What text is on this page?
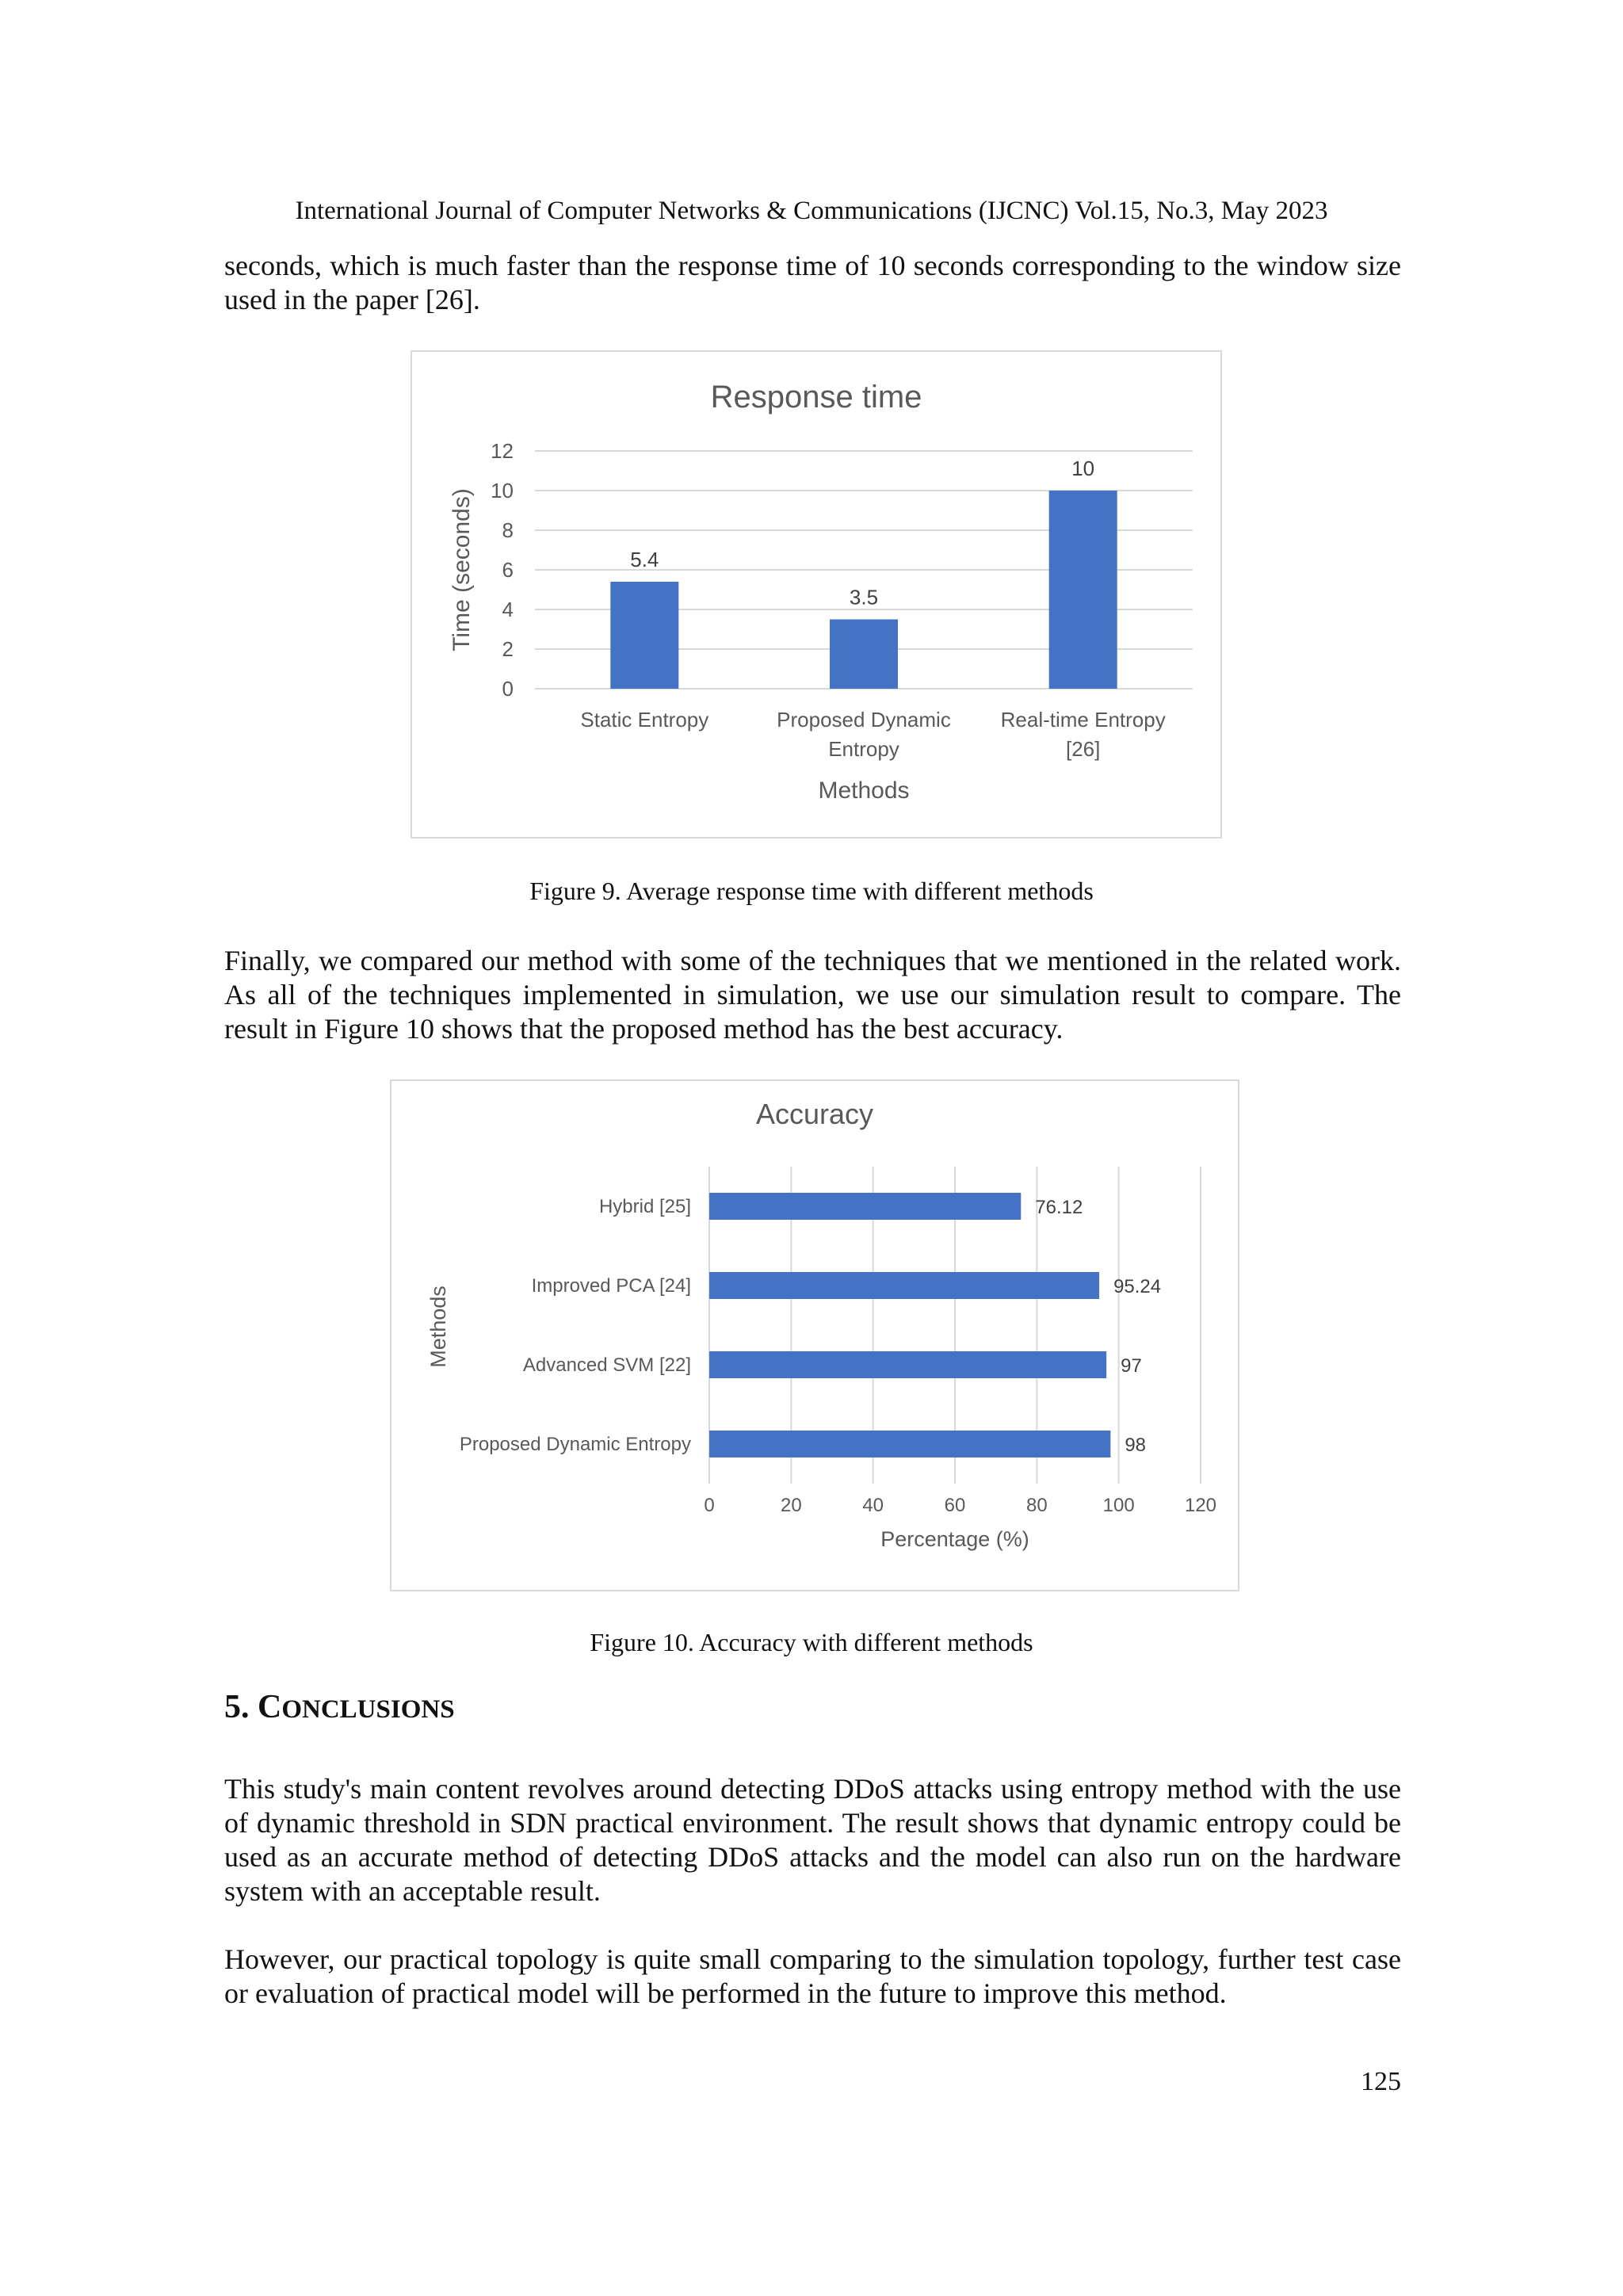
International Journal of Computer Networks & Communications (IJCNC) Vol.15, No.3, May 2023
seconds, which is much faster than the response time of 10 seconds corresponding to the window size used in the paper [26].
Response time
0
2
4
6
8
10
12
5.4
Static Entropy
3.5
Proposed Dynamic
Entropy
10
Real-time Entropy
[26]
Methods
Time (seconds)
Figure 9. Average response time with different methods
Finally, we compared our method with some of the techniques that we mentioned in the related work. As all of the techniques implemented in simulation, we use our simulation result to compare. The result in Figure 10 shows that the proposed method has the best accuracy.
Accuracy
0	20	40	60	80	100	120
76.12
Hybrid [25]
95.24
Improved PCA [24]
97
Advanced SVM [22]
98
Proposed Dynamic Entropy
Percentage (%)
Methods
Figure 10. Accuracy with different methods
5. CONCLUSIONS
This study's main content revolves around detecting DDoS attacks using entropy method with the use of dynamic threshold in SDN practical environment. The result shows that dynamic entropy could be used as an accurate method of detecting DDoS attacks and the model can also run on the hardware system with an acceptable result.
However, our practical topology is quite small comparing to the simulation topology, further test case or evaluation of practical model will be performed in the future to improve this method.
125
